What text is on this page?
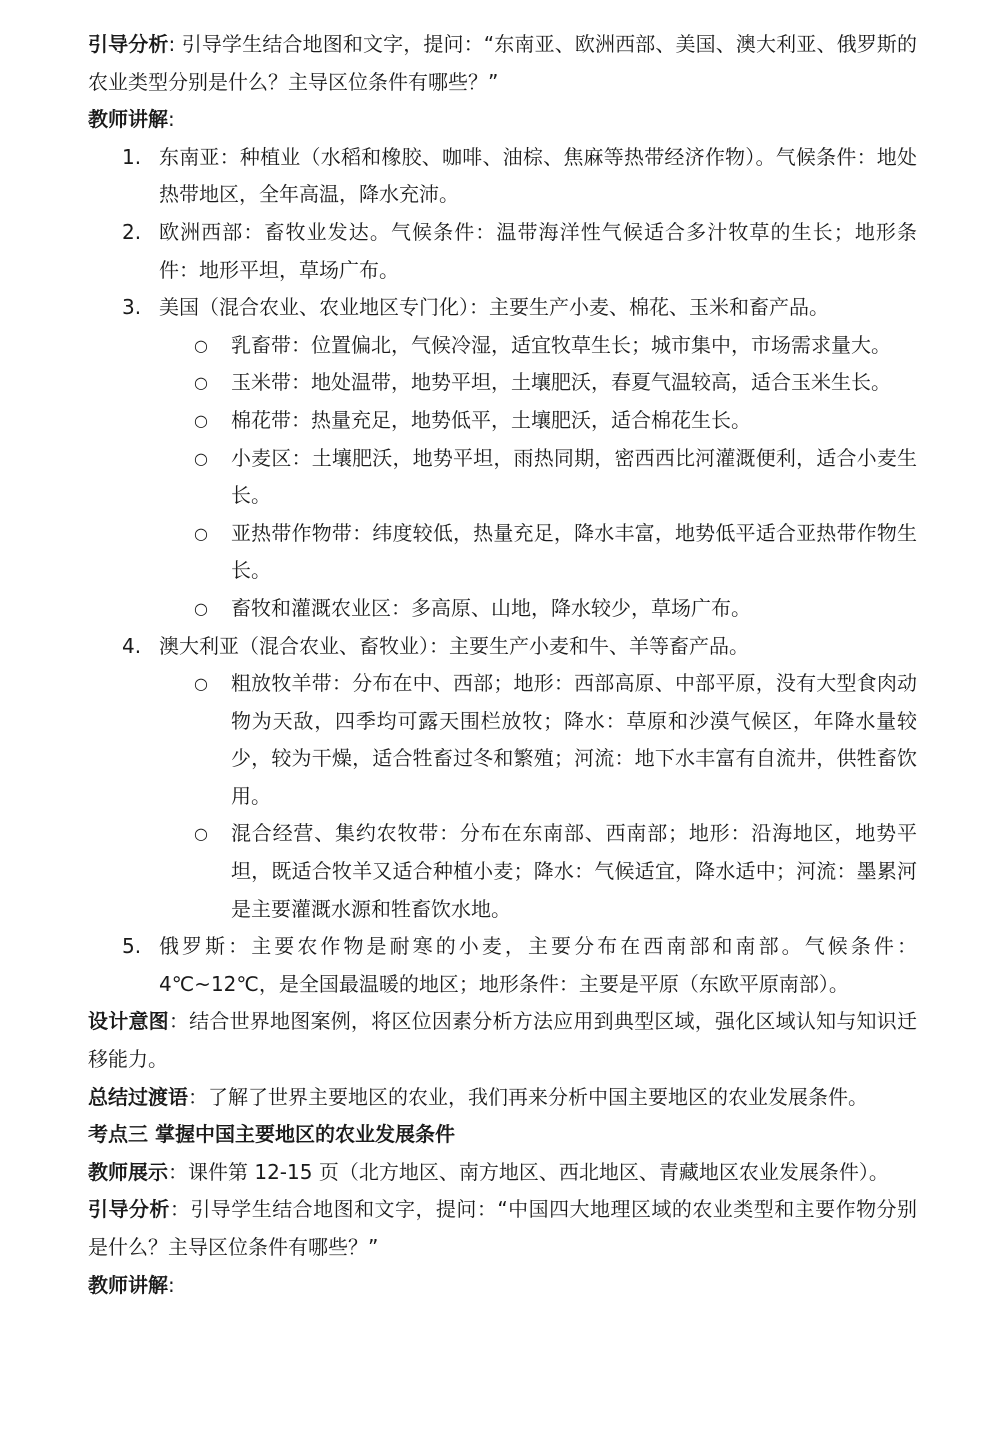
引导分析: 引导学生结合地图和文字，提问：“东南亚、欧洲西部、美国、澳大利亚、俄罗斯的农业类型分别是什么？主导区位条件有哪些？”

教师讲解:

1. 东南亚：种植业（水稻和橡胶、咖啡、油棕、焦麻等热带经济作物）。气候条件：地处热带地区，全年高温，降水充沛。
2. 欧洲西部：畜牧业发达。气候条件：温带海洋性气候适合多汁牧草的生长；地形条件：地形平坦，草场广布。
3. 美国（混合农业、农业地区专门化）：主要生产小麦、棉花、玉米和畜产品。
○ 乳畜带：位置偏北，气候冷湿，适宜牧草生长；城市集中，市场需求量大。
○ 玉米带：地处温带，地势平坦，土壤肥沃，春夏气温较高，适合玉米生长。
○ 棉花带：热量充足，地势低平，土壤肥沃，适合棉花生长。
○ 小麦区：土壤肥沃，地势平坦，雨热同期，密西西比河灌溉便利，适合小麦生长。
○ 亚热带作物带：纬度较低，热量充足，降水丰富，地势低平适合亚热带作物生长。
○ 畜牧和灌溉农业区：多高原、山地，降水较少，草场广布。
4. 澳大利亚（混合农业、畜牧业）：主要生产小麦和牛、羊等畜产品。
○ 粗放牧羊带：分布在中、西部；地形：西部高原、中部平原，没有大型食肉动物为天敌，四季均可露天围栏放牧；降水：草原和沙漠气候区，年降水量较少，较为干燥，适合牲畜过冬和繁殖；河流：地下水丰富有自流井，供牲畜饮用。
○ 混合经营、集约农牧带：分布在东南部、西南部；地形：沿海地区，地势平坦，既适合牧羊又适合种植小麦；降水：气候适宜，降水适中；河流：墨累河是主要灌溉水源和牲畜饮水地。
5. 俄罗斯：主要农作物是耐寒的小麦，主要分布在西南部和南部。气候条件：4℃~12℃，是全国最温暖的地区；地形条件：主要是平原（东欧平原南部）。

设计意图：结合世界地图案例，将区位因素分析方法应用到典型区域，强化区域认知与知识迁移能力。

总结过渡语：了解了世界主要地区的农业，我们再来分析中国主要地区的农业发展条件。

考点三 掌握中国主要地区的农业发展条件

教师展示：课件第 12-15 页（北方地区、南方地区、西北地区、青藏地区农业发展条件）。

引导分析：引导学生结合地图和文字，提问：“中国四大地理区域的农业类型和主要作物分别是什么？主导区位条件有哪些？”

教师讲解:
